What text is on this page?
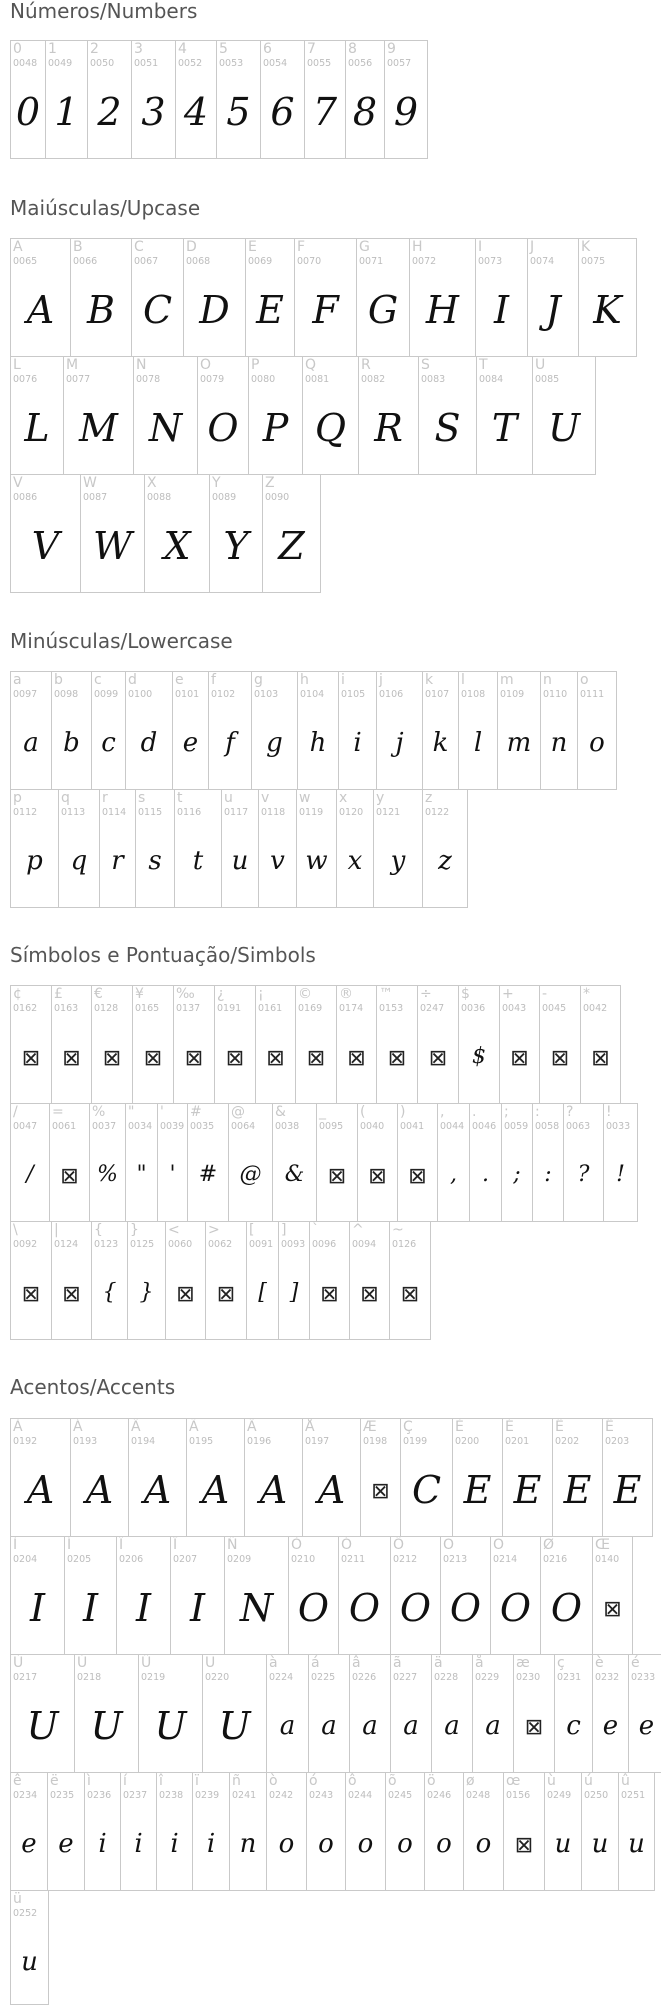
Números/Numbers
Maiúsculas/Upcase
Minúsculas/Lowercase
Símbolos e Pontuação/Simbols
Acentos/Accents
0
0048
0
1
0049
1
2
0050
2
3
0051
3
4
0052
4
5
0053
5
6
0054
6
7
0055
7
8
0056
8
9
0057
9
A
0065
A
B
0066
B
C
0067
C
D
0068
D
E
0069
E
F
0070
F
G
0071
G
H
0072
H
I
0073
I
J
0074
J
K
0075
K
L
0076
L
M
0077
M
N
0078
N
O
0079
O
P
0080
P
Q
0081
Q
R
0082
R
S
0083
S
T
0084
T
U
0085
U
V
0086
V
W
0087
W
X
0088
X
Y
0089
Y
Z
0090
Z
a
0097
a
b
0098
b
c
0099
c
d
0100
d
e
0101
e
f
0102
f
g
0103
g
h
0104
h
i
0105
i
j
0106
j
k
0107
k
l
0108
l
m
0109
m
n
0110
n
o
0111
o
p
0112
p
q
0113
q
r
0114
r
s
0115
s
t
0116
t
u
0117
u
v
0118
v
w
0119
w
x
0120
x
y
0121
y
z
0122
z
¢
0162
⊠
£
0163
⊠
€
0128
⊠
¥
0165
⊠
‰
0137
⊠
¿
0191
⊠
¡
0161
⊠
©
0169
⊠
®
0174
⊠
™
0153
⊠
÷
0247
⊠
$
0036
$
+
0043
⊠
-
0045
⊠
*
0042
⊠
/
0047
/
=
0061
⊠
%
0037
%
"
0034
"
'
0039
'
#
0035
#
@
0064
@
&
0038
&
_
0095
⊠
(
0040
⊠
)
0041
⊠
,
0044
,
.
0046
.
;
0059
;
:
0058
:
?
0063
?
!
0033
!
\
0092
⊠
|
0124
⊠
{
0123
{
}
0125
}
<
0060
⊠
>
0062
⊠
[
0091
[
]
0093
]
`
0096
⊠
^
0094
⊠
~
0126
⊠
À
0192
A
Á
0193
A
Â
0194
A
Ã
0195
A
Ä
0196
A
Å
0197
A
Æ
0198
⊠
Ç
0199
C
È
0200
E
É
0201
E
Ê
0202
E
Ë
0203
E
Ì
0204
I
Í
0205
I
Î
0206
I
Ï
0207
I
Ñ
0209
N
Ò
0210
O
Ó
0211
O
Ô
0212
O
Õ
0213
O
Ö
0214
O
Ø
0216
O
Œ
0140
⊠
Ù
0217
U
Ú
0218
U
Û
0219
U
Ü
0220
U
à
0224
a
á
0225
a
â
0226
a
ã
0227
a
ä
0228
a
å
0229
a
æ
0230
⊠
ç
0231
c
è
0232
e
é
0233
e
ê
0234
e
ë
0235
e
ì
0236
i
í
0237
i
î
0238
i
ï
0239
i
ñ
0241
n
ò
0242
o
ó
0243
o
ô
0244
o
õ
0245
o
ö
0246
o
ø
0248
o
œ
0156
⊠
ù
0249
u
ú
0250
u
û
0251
u
ü
0252
u
